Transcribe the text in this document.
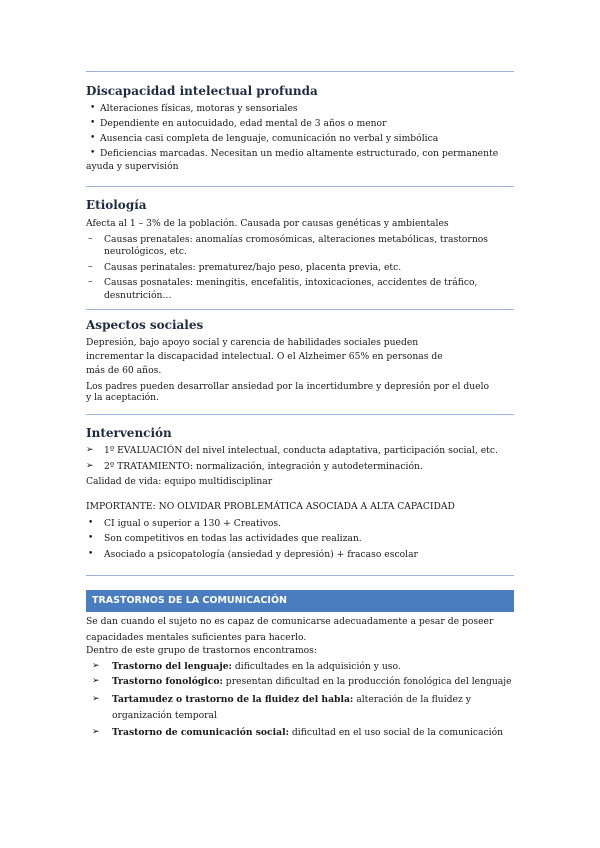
Discapacidad intelectual profunda
• Alteraciones físicas, motoras y sensoriales
• Dependiente en autocuidado, edad mental de 3 años o menor
• Ausencia casi completa de lenguaje, comunicación no verbal y simbólica
• Deficiencias marcadas. Necesitan un medio altamente estructurado, con permanente
ayuda y supervisión
Etiología
Afecta al 1 – 3% de la población. Causada por causas genéticas y ambientales
– Causas prenatales: anomalías cromosómicas, alteraciones metabólicas, trastornos
neurológicos, etc.
– Causas perinatales: prematurez/bajo peso, placenta previa, etc.
– Causas posnatales: meningitis, encefalitis, intoxicaciones, accidentes de tráfico,
desnutrición…
Aspectos sociales
Depresión, bajo apoyo social y carencia de habilidades sociales pueden
incrementar la discapacidad intelectual. O el Alzheimer 65% en personas de
más de 60 años.
Los padres pueden desarrollar ansiedad por la incertidumbre y depresión por el duelo
y la aceptación.
Intervención
➢ 1º EVALUACIÓN del nivel intelectual, conducta adaptativa, participación social, etc.
➢ 2º TRATAMIENTO: normalización, integración y autodeterminación.
Calidad de vida: equipo multidisciplinar
IMPORTANTE: NO OLVIDAR PROBLEMÁTICA ASOCIADA A ALTA CAPACIDAD
• CI igual o superior a 130 + Creativos.
• Son competitivos en todas las actividades que realizan.
• Asociado a psicopatología (ansiedad y depresión) + fracaso escolar
TRASTORNOS DE LA COMUNICACIÓN
Se dan cuando el sujeto no es capaz de comunicarse adecuadamente a pesar de poseer
capacidades mentales suficientes para hacerlo.
Dentro de este grupo de trastornos encontramos:
➢ Trastorno del lenguaje: dificultades en la adquisición y uso.
➢ Trastorno fonológico: presentan dificultad en la producción fonológica del lenguaje
➢ Tartamudez o trastorno de la fluidez del habla: alteración de la fluidez y
organización temporal
➢ Trastorno de comunicación social: dificultad en el uso social de la comunicación
